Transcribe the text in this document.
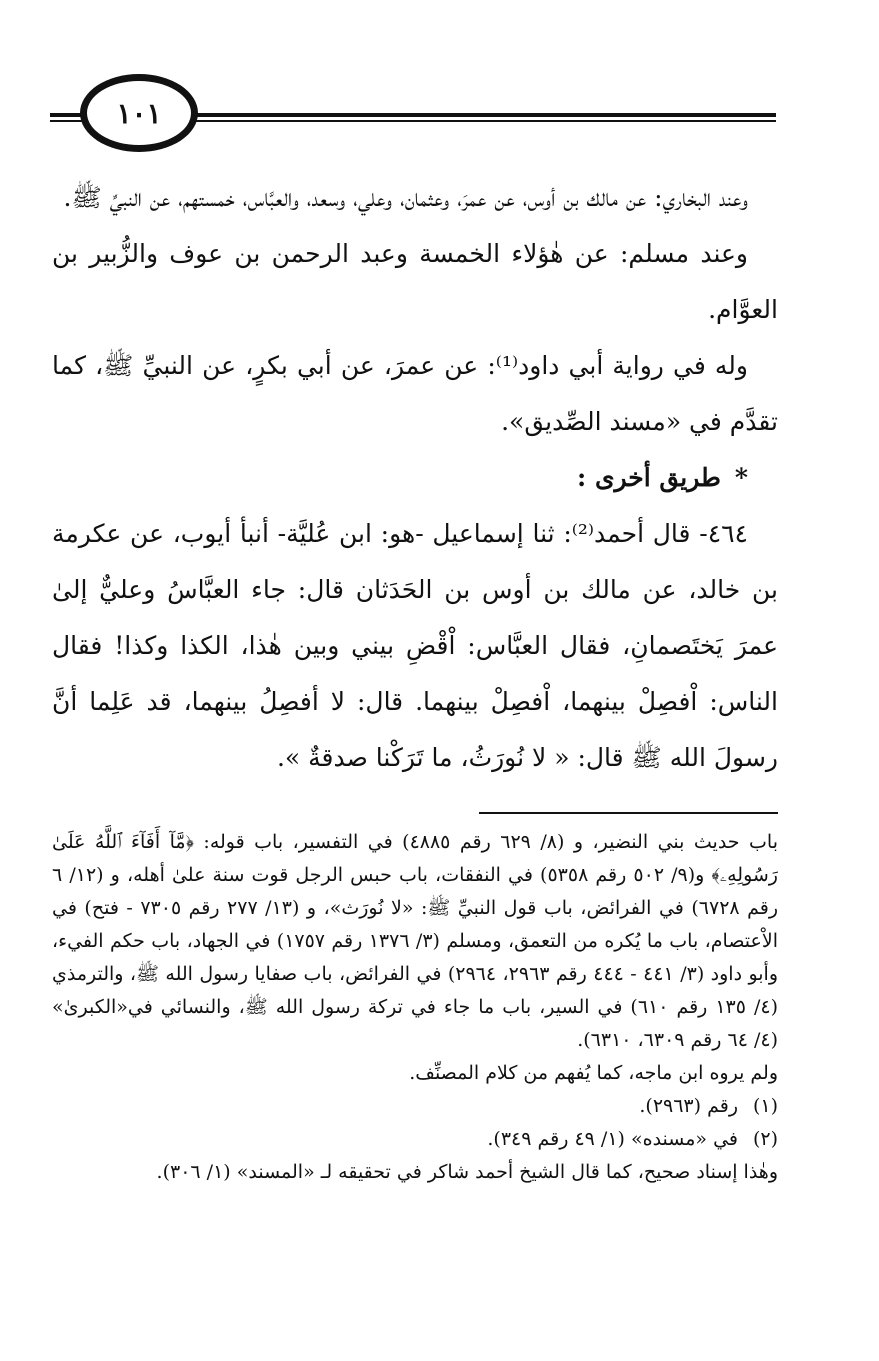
١٠١

وعند البخاري: عن مالك بن أوس، عن عمرَ، وعثمان، وعلي، وسعد، والعبَّاس، خمستهم، عن النبيِّ ﷺ.

وعند مسلم: عن هٰؤلاء الخمسة وعبد الرحمن بن عوف والزُّبير بن العوَّام.

وله في رواية أبي داود⁽¹⁾: عن عمرَ، عن أبي بكرٍ، عن النبيِّ ﷺ، كما تقدَّم في «مسند الصِّديق».

*طريق أخرى :

٤٦٤- قال أحمد⁽²⁾: ثنا إسماعيل -هو: ابن عُليَّة- أنبأ أيوب، عن عكرمة بن خالد، عن مالك بن أوس بن الحَدَثان قال: جاء العبَّاسُ وعليٌّ إلىٰ عمرَ يَختَصمانِ، فقال العبَّاس: اْقْضِ بيني وبين هٰذا، الكذا وكذا! فقال الناس: اْفصِلْ بينهما، اْفصِلْ بينهما. قال: لا أفصِلُ بينهما، قد عَلِما أنَّ رسولَ الله ﷺ قال: « لا نُورَثُ، ما تَرَكْنا صدقةٌ ».

باب حديث بني النضير، و (٨/ ٦٢٩ رقم ٤٨٨٥) في التفسير، باب قوله: ﴿مَّآ أَفَآءَ ٱللَّهُ عَلَىٰ رَسُولِهِۦ﴾ و(٩/ ٥٠٢ رقم ٥٣٥٨) في النفقات، باب حبس الرجل قوت سنة علىٰ أهله، و (١٢/ ٦ رقم ٦٧٢٨) في الفرائض، باب قول النبيِّ ﷺ: «لا نُورَث»، و (١٣/ ٢٧٧ رقم ٧٣٠٥ - فتح) في الاْعتصام، باب ما يُكره من التعمق، ومسلم (٣/ ١٣٧٦ رقم ١٧٥٧) في الجهاد، باب حكم الفيء، وأبو داود (٣/ ٤٤١ - ٤٤٤ رقم ٢٩٦٣، ٢٩٦٤) في الفرائض، باب صفايا رسول الله ﷺ، والترمذي (٤/ ١٣٥ رقم ٦١٠) في السير، باب ما جاء في تركة رسول الله ﷺ، والنسائي في«الكبرىٰ» (٤/ ٦٤ رقم ٦٣٠٩، ٦٣١٠).

ولم يروه ابن ماجه، كما يُفهم من كلام المصنِّف.

(١)
رقم (٢٩٦٣).
(٢)
في «مسنده» (١/ ٤٩ رقم ٣٤٩).

وهٰذا إسناد صحيح، كما قال الشيخ أحمد شاكر في تحقيقه لـ «المسند» (١/ ٣٠٦).
